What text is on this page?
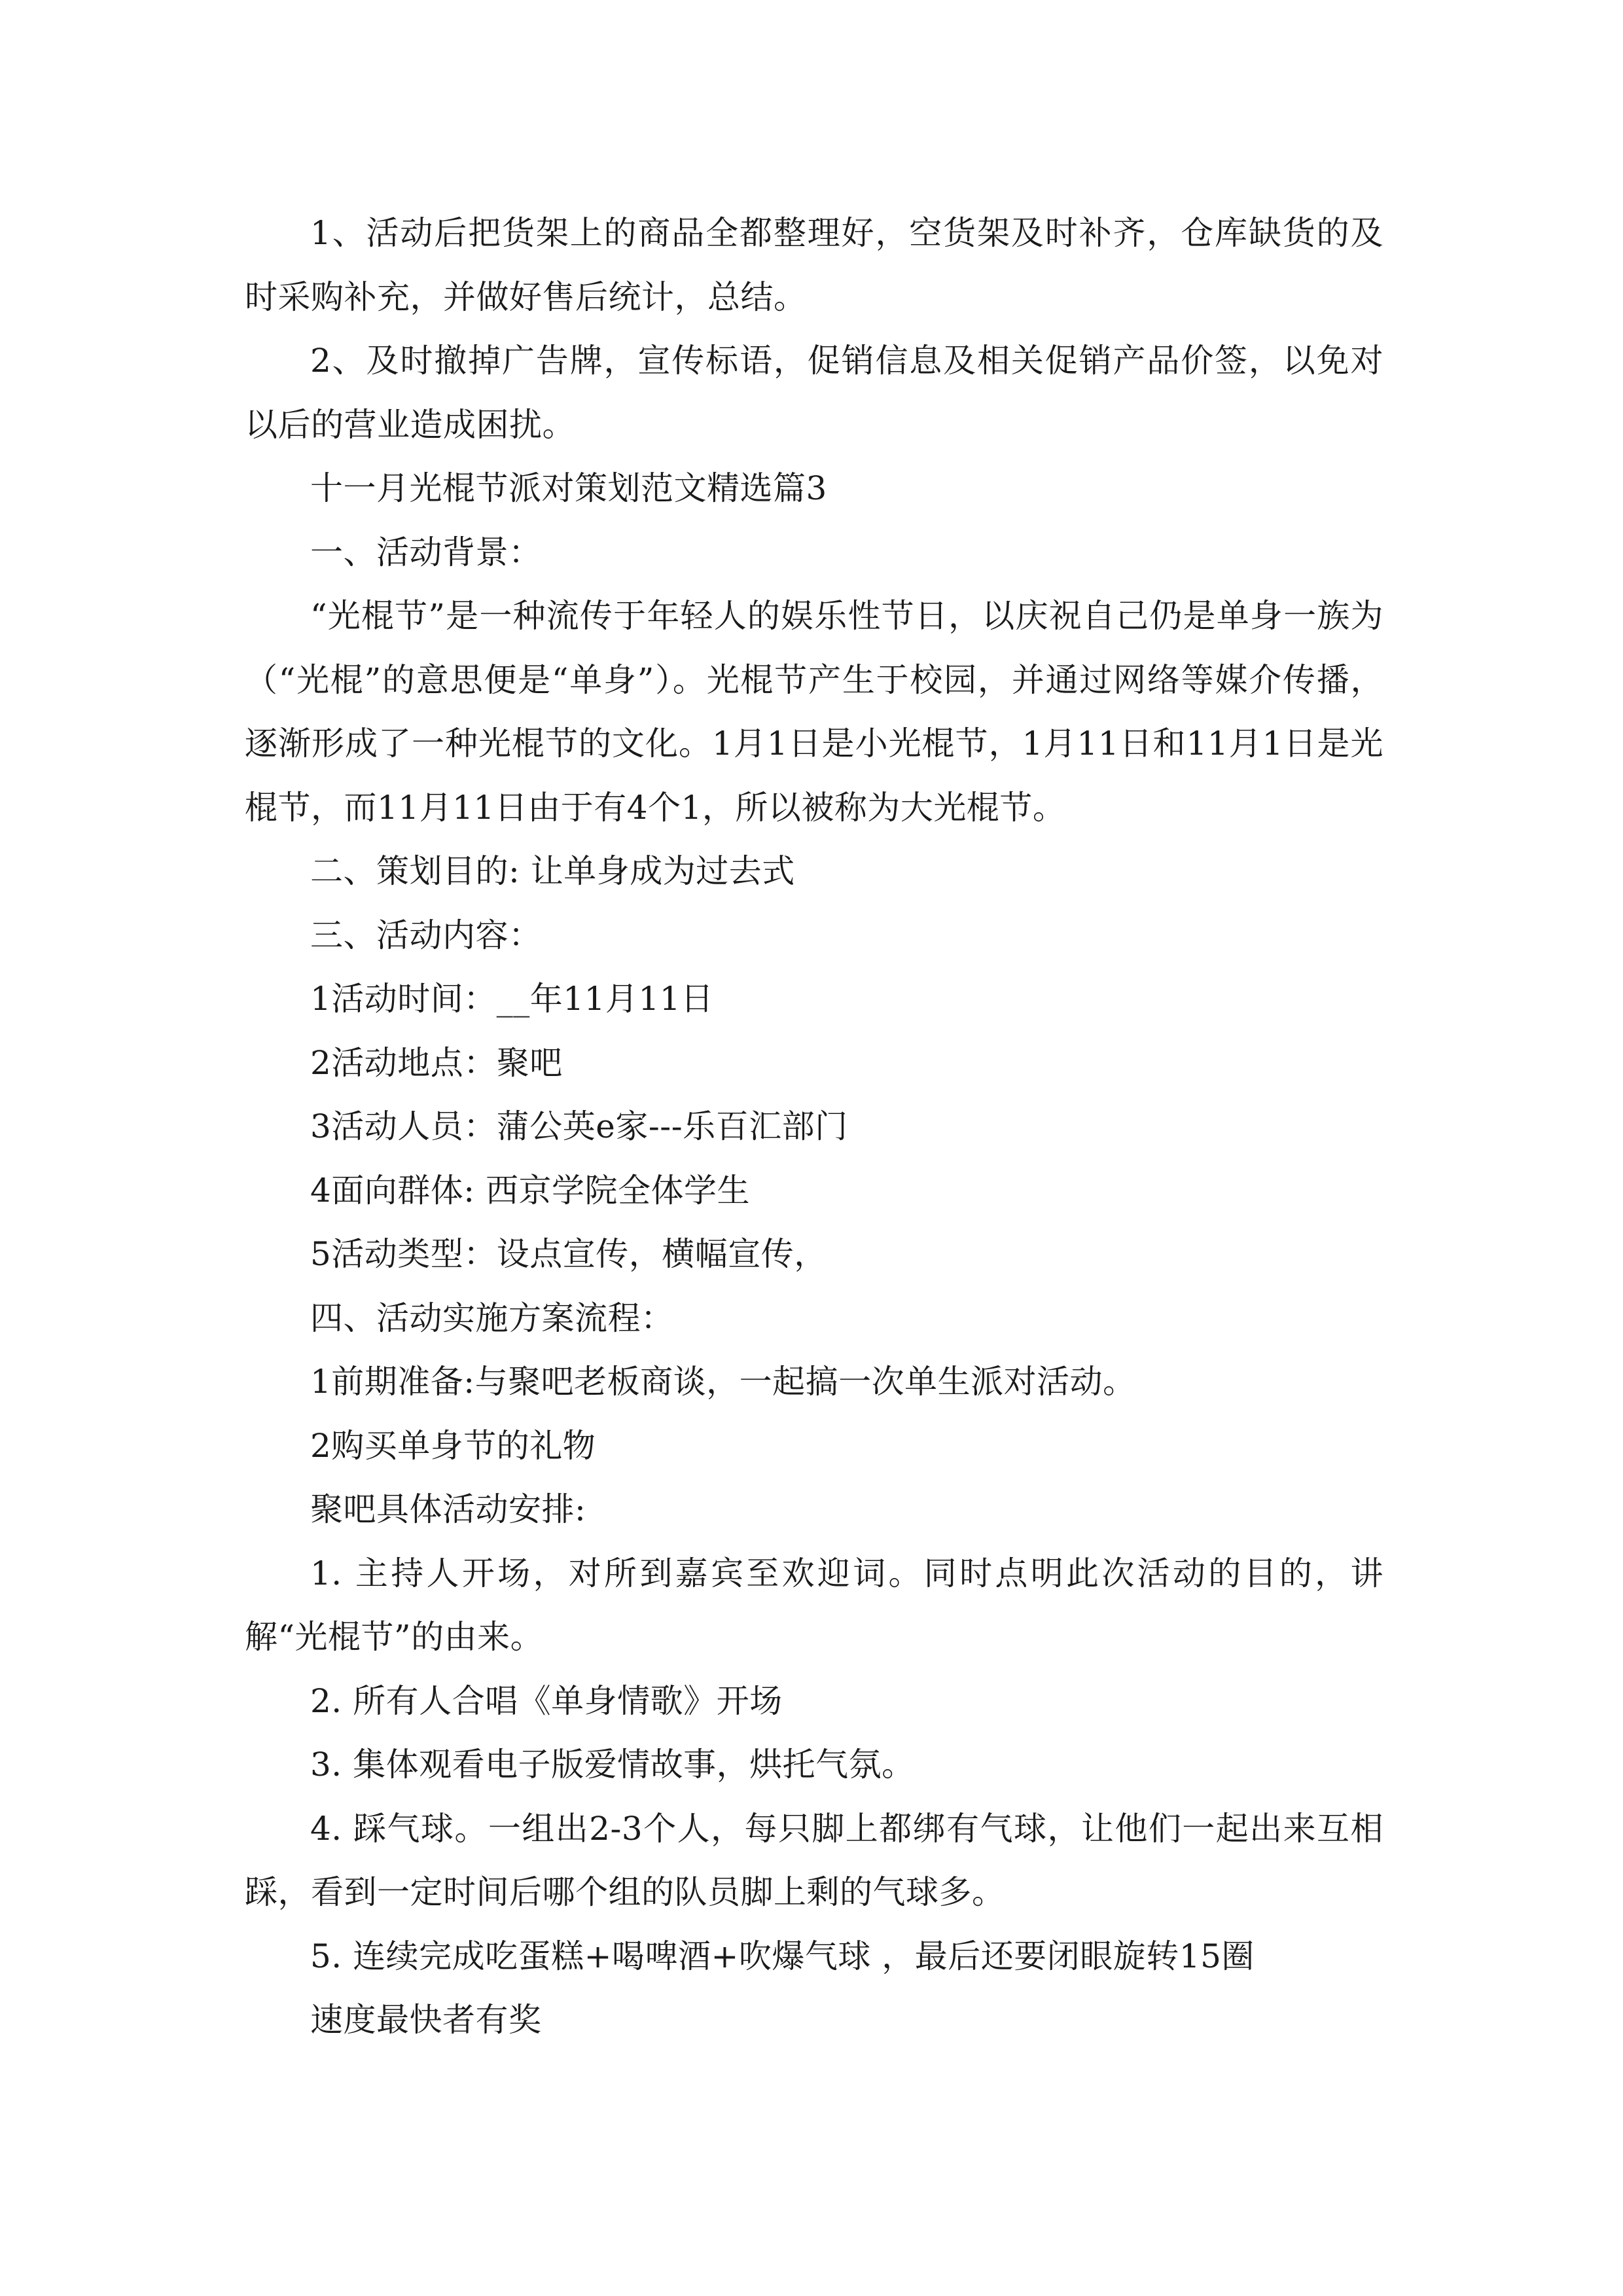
1、活动后把货架上的商品全都整理好，空货架及时补齐，仓库缺货的及时采购补充，并做好售后统计，总结。

2、及时撤掉广告牌，宣传标语，促销信息及相关促销产品价签，以免对以后的营业造成困扰。

十一月光棍节派对策划范文精选篇3

一、活动背景：

“光棍节”是一种流传于年轻人的娱乐性节日，以庆祝自己仍是单身一族为（“光棍”的意思便是“单身”）。光棍节产生于校园，并通过网络等媒介传播，逐渐形成了一种光棍节的文化。1月1日是小光棍节，1月11日和11月1日是光棍节，而11月11日由于有4个1，所以被称为大光棍节。

二、策划目的: 让单身成为过去式

三、活动内容：

1活动时间：__年11月11日

2活动地点：聚吧

3活动人员：蒲公英e家---乐百汇部门

4面向群体: 西京学院全体学生

5活动类型：设点宣传，横幅宣传，

四、活动实施方案流程：

1前期准备:与聚吧老板商谈，一起搞一次单生派对活动。

2购买单身节的礼物

聚吧具体活动安排:

1. 主持人开场，对所到嘉宾至欢迎词。同时点明此次活动的目的，讲解“光棍节”的由来。

2. 所有人合唱《单身情歌》开场

3. 集体观看电子版爱情故事，烘托气氛。

4. 踩气球。一组出2-3个人，每只脚上都绑有气球，让他们一起出来互相踩，看到一定时间后哪个组的队员脚上剩的气球多。

5. 连续完成吃蛋糕+喝啤酒+吹爆气球 ，最后还要闭眼旋转15圈

速度最快者有奖
